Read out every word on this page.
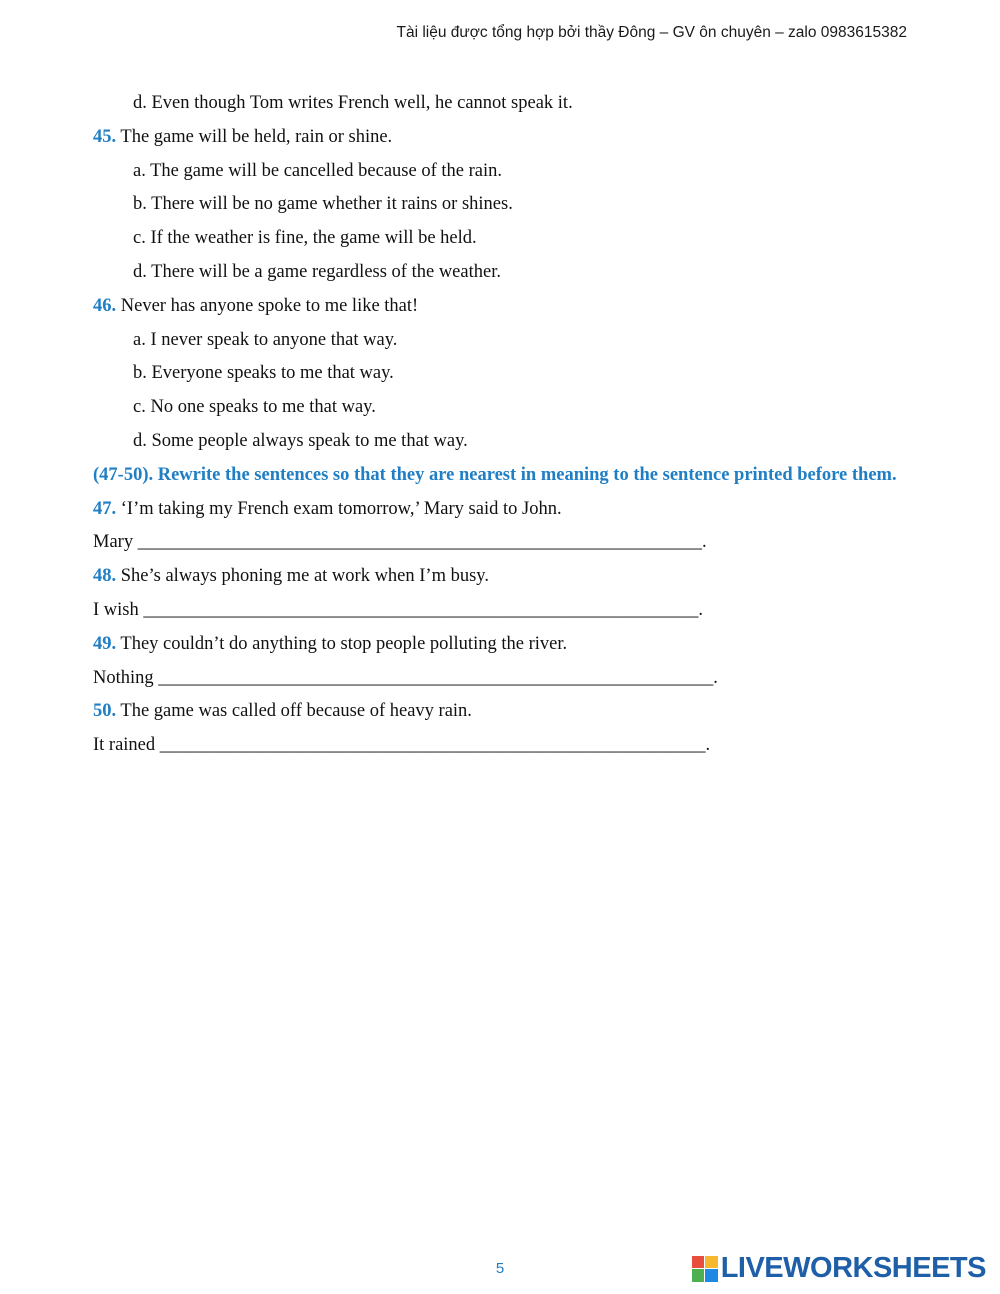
Tài liệu được tổng hợp bởi thầy Đông – GV ôn chuyên – zalo 0983615382
d. Even though Tom writes French well, he cannot speak it.
45. The game will be held, rain or shine.
a. The game will be cancelled because of the rain.
b. There will be no game whether it rains or shines.
c. If the weather is fine, the game will be held.
d. There will be a game regardless of the weather.
46. Never has anyone spoke to me like that!
a. I never speak to anyone that way.
b. Everyone speaks to me that way.
c. No one speaks to me that way.
d. Some people always speak to me that way.
(47-50). Rewrite the sentences so that they are nearest in meaning to the sentence printed before them.
47. ‘I’m taking my French exam tomorrow,’ Mary said to John.
Mary _____________________________________________________________.
48. She’s always phoning me at work when I’m busy.
I wish ____________________________________________________________.
49. They couldn’t do anything to stop people polluting the river.
Nothing ____________________________________________________________.
50. The game was called off because of heavy rain.
It rained ___________________________________________________________.
5	LIVEWORKSHEETS
